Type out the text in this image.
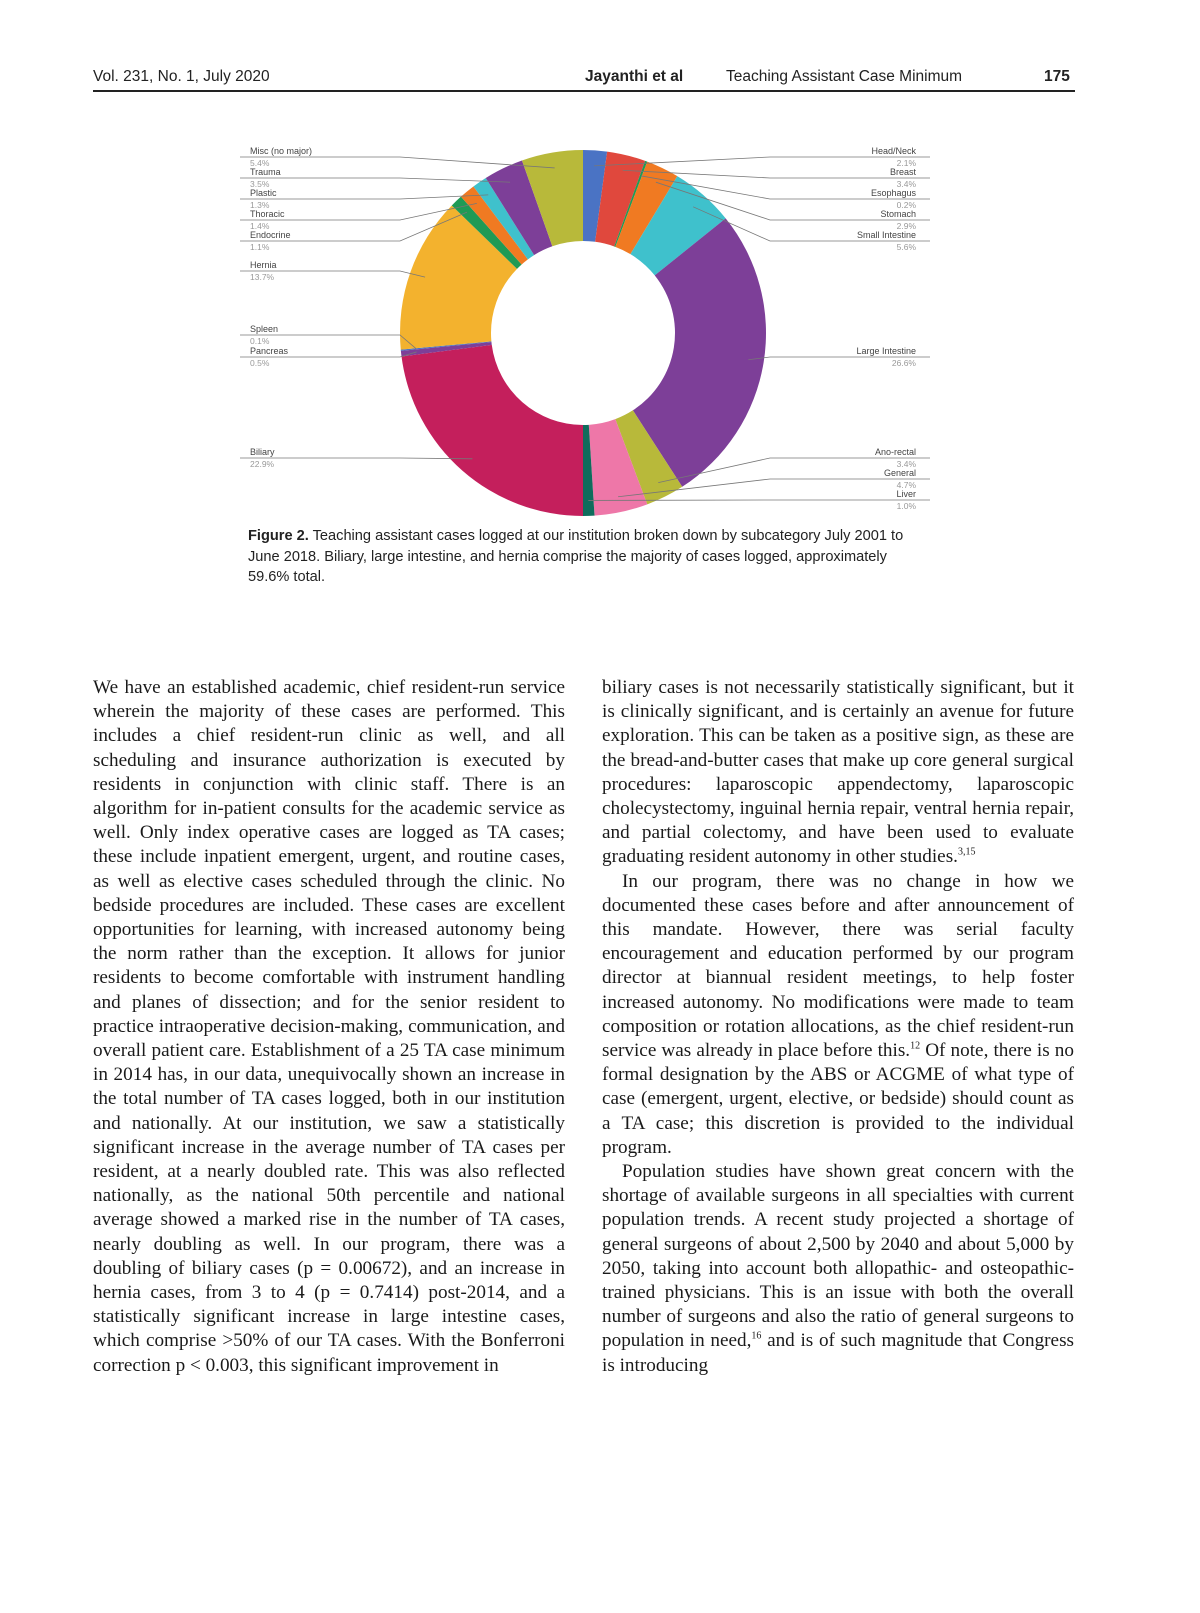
Vol. 231, No. 1, July 2020	Jayanthi et al	Teaching Assistant Case Minimum	175
Head/Neck
2.1%
Breast
3.4%
Esophagus
0.2%
Stomach
2.9%
Small Intestine
5.6%
Large Intestine
26.6%
Ano-rectal
3.4%
General
4.7%
Liver
1.0%
Misc (no major)
5.4%
Trauma
3.5%
Plastic
1.3%
Thoracic
1.4%
Endocrine
1.1%
Hernia
13.7%
Spleen
0.1%
Pancreas
0.5%
Biliary
22.9%
Figure 2. Teaching assistant cases logged at our institution broken down by subcategory July 2001 to June 2018. Biliary, large intestine, and hernia comprise the majority of cases logged, approximately 59.6% total.

We have an established academic, chief resident-run service wherein the majority of these cases are performed. This includes a chief resident-run clinic as well, and all scheduling and insurance authorization is executed by residents in conjunction with clinic staff. There is an algorithm for in-patient consults for the academic service as well. Only index operative cases are logged as TA cases; these include inpatient emergent, urgent, and routine cases, as well as elective cases scheduled through the clinic. No bedside procedures are included. These cases are excellent opportunities for learning, with increased autonomy being the norm rather than the exception. It allows for junior residents to become comfortable with instrument handling and planes of dissection; and for the senior resident to practice intraoperative decision-making, communication, and overall patient care. Establishment of a 25 TA case minimum in 2014 has, in our data, unequivocally shown an increase in the total number of TA cases logged, both in our institution and nationally. At our institution, we saw a statistically significant increase in the average number of TA cases per resident, at a nearly doubled rate. This was also reflected nationally, as the national 50th percentile and national average showed a marked rise in the number of TA cases, nearly doubling as well. In our program, there was a doubling of biliary cases (p = 0.00672), and an increase in hernia cases, from 3 to 4 (p = 0.7414) post-2014, and a statistically significant increase in large intestine cases, which comprise >50% of our TA cases. With the Bonferroni correction p < 0.003, this significant improvement in

biliary cases is not necessarily statistically significant, but it is clinically significant, and is certainly an avenue for future exploration. This can be taken as a positive sign, as these are the bread-and-butter cases that make up core general surgical procedures: laparoscopic appendectomy, laparoscopic cholecystectomy, inguinal hernia repair, ventral hernia repair, and partial colectomy, and have been used to evaluate graduating resident autonomy in other studies.$^{3,15}$

In our program, there was no change in how we documented these cases before and after announcement of this mandate. However, there was serial faculty encouragement and education performed by our program director at biannual resident meetings, to help foster increased autonomy. No modifications were made to team composition or rotation allocations, as the chief resident-run service was already in place before this.$^{12}$ Of note, there is no formal designation by the ABS or ACGME of what type of case (emergent, urgent, elective, or bedside) should count as a TA case; this discretion is provided to the individual program.

Population studies have shown great concern with the shortage of available surgeons in all specialties with current population trends. A recent study projected a shortage of general surgeons of about 2,500 by 2040 and about 5,000 by 2050, taking into account both allopathic- and osteopathic-trained physicians. This is an issue with both the overall number of surgeons and also the ratio of general surgeons to population in need,$^{16}$ and is of such magnitude that Congress is introducing
